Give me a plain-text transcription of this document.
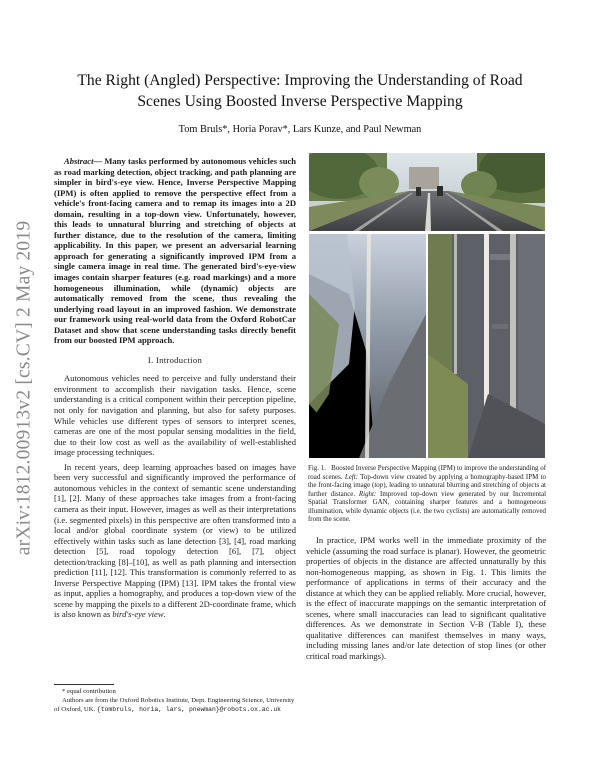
arXiv:1812.00913v2 [cs.CV] 2 May 2019
The Right (Angled) Perspective: Improving the Understanding of Road
Scenes Using Boosted Inverse Perspective Mapping
Tom Bruls*, Horia Porav*, Lars Kunze, and Paul Newman

Abstract— Many tasks performed by autonomous vehicles such as road marking detection, object tracking, and path planning are simpler in bird's-eye view. Hence, Inverse Perspective Mapping (IPM) is often applied to remove the perspective effect from a vehicle's front-facing camera and to remap its images into a 2D domain, resulting in a top-down view. Unfortunately, however, this leads to unnatural blurring and stretching of objects at further distance, due to the resolution of the camera, limiting applicability. In this paper, we present an adversarial learning approach for generating a significantly improved IPM from a single camera image in real time. The generated bird's-eye-view images contain sharper features (e.g. road markings) and a more homogeneous illumination, while (dynamic) objects are automatically removed from the scene, thus revealing the underlying road layout in an improved fashion. We demonstrate our framework using real-world data from the Oxford RobotCar Dataset and show that scene understanding tasks directly benefit from our boosted IPM approach.

I. Introduction

Autonomous vehicles need to perceive and fully understand their environment to accomplish their navigation tasks. Hence, scene understanding is a critical component within their perception pipeline, not only for navigation and planning, but also for safety purposes. While vehicles use different types of sensors to interpret scenes, cameras are one of the most popular sensing modalities in the field, due to their low cost as well as the availability of well-established image processing techniques.

In recent years, deep learning approaches based on images have been very successful and significantly improved the performance of autonomous vehicles in the context of semantic scene understanding [1], [2]. Many of these approaches take images from a front-facing camera as their input. However, images as well as their interpretations (i.e. segmented pixels) in this perspective are often transformed into a local and/or global coordinate system (or view) to be utilized effectively within tasks such as lane detection [3], [4], road marking detection [5], road topology detection [6], [7], object detection/tracking [8]–[10], as well as path planning and intersection prediction [11], [12]. This transformation is commonly referred to as Inverse Perspective Mapping (IPM) [13]. IPM takes the frontal view as input, applies a homography, and produces a top-down view of the scene by mapping the pixels to a different 2D-coordinate frame, which is also known as bird's-eye view.

* equal contribution

Authors are from the Oxford Robotics Institute, Dept. Engineering Science, University of Oxford, UK. {tombruls, horia, lars, pnewman}@robots.ox.ac.uk

Fig. 1. Boosted Inverse Perspective Mapping (IPM) to improve the understanding of road scenes. Left: Top-down view created by applying a homography-based IPM to the front-facing image (top), leading to unnatural blurring and stretching of objects at further distance. Right: Improved top-down view generated by our Incremental Spatial Transformer GAN, containing sharper features and a homogeneous illumination, while dynamic objects (i.e. the two cyclists) are automatically removed from the scene.

In practice, IPM works well in the immediate proximity of the vehicle (assuming the road surface is planar). However, the geometric properties of objects in the distance are affected unnaturally by this non-homogeneous mapping, as shown in Fig. 1. This limits the performance of applications in terms of their accuracy and the distance at which they can be applied reliably. More crucial, however, is the effect of inaccurate mappings on the semantic interpretation of scenes, where small inaccuracies can lead to significant qualitative differences. As we demonstrate in Section V-B (Table I), these qualitative differences can manifest themselves in many ways, including missing lanes and/or late detection of stop lines (or other critical road markings).
